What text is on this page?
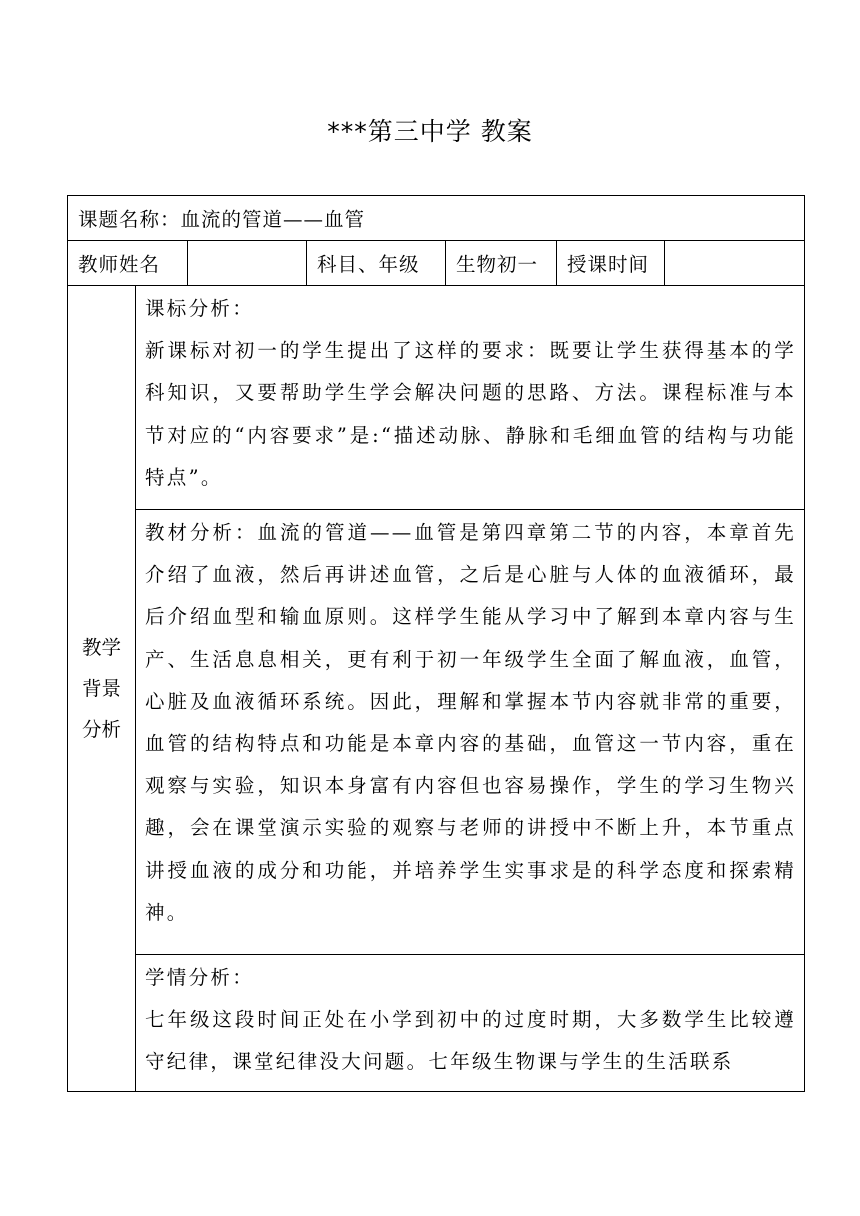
***第三中学 教案
课题名称：血流的管道——血管						
教师姓名			科目、年级	生物初一	授课时间	

教学
背景
分析	课标分析：
新课标对初一的学生提出了这样的要求：既要让学生获得基本的学科知识，又要帮助学生学会解决问题的思路、方法。课程标准与本节对应的“内容要求”是:“描述动脉、静脉和毛细血管的结构与功能特点”。					

	教材分析：血流的管道——血管是第四章第二节的内容，本章首先介绍了血液，然后再讲述血管，之后是心脏与人体的血液循环，最后介绍血型和输血原则。这样学生能从学习中了解到本章内容与生产、生活息息相关，更有利于初一年级学生全面了解血液，血管，心脏及血液循环系统。因此，理解和掌握本节内容就非常的重要，血管的结构特点和功能是本章内容的基础，血管这一节内容，重在观察与实验，知识本身富有内容但也容易操作，学生的学习生物兴趣，会在课堂演示实验的观察与老师的讲授中不断上升，本节重点讲授血液的成分和功能，并培养学生实事求是的科学态度和探索精神。					

	学情分析：
七年级这段时间正处在小学到初中的过度时期，大多数学生比较遵守纪律，课堂纪律没大问题。七年级生物课与学生的生活联系					
